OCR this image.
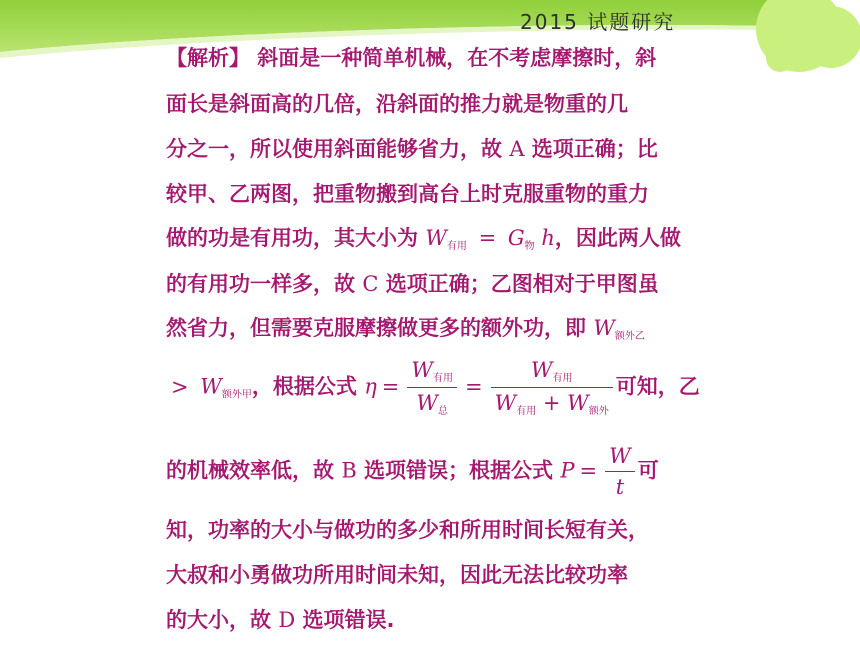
2015 试题研究
【解析】 斜面是一种简单机械，在不考虑摩擦时，斜
面长是斜面高的几倍，沿斜面的推力就是物重的几
分之一，所以使用斜面能够省力，故 A 选项正确；比
较甲、乙两图，把重物搬到高台上时克服重物的重力
做的功是有用功，其大小为 $W_{有用} = G_物$ h，因此两人做
的有用功一样多，故 C 选项正确；乙图相对于甲图虽
然省力，但需要克服摩擦做更多的额外功，即 $W_{额外乙}$
> $W_{额外甲}$，根据公式 $\eta = \frac{W_{有用}}{W_总} = \frac{W_{有用}}{W_{有用} + W_{额外}}$ 可知，乙
的机械效率低，故 B 选项错误；根据公式 $P = \frac{W}{t}$ 可
知，功率的大小与做功的多少和所用时间长短有关，
大叔和小勇做功所用时间未知，因此无法比较功率
的大小，故 D 选项错误.
